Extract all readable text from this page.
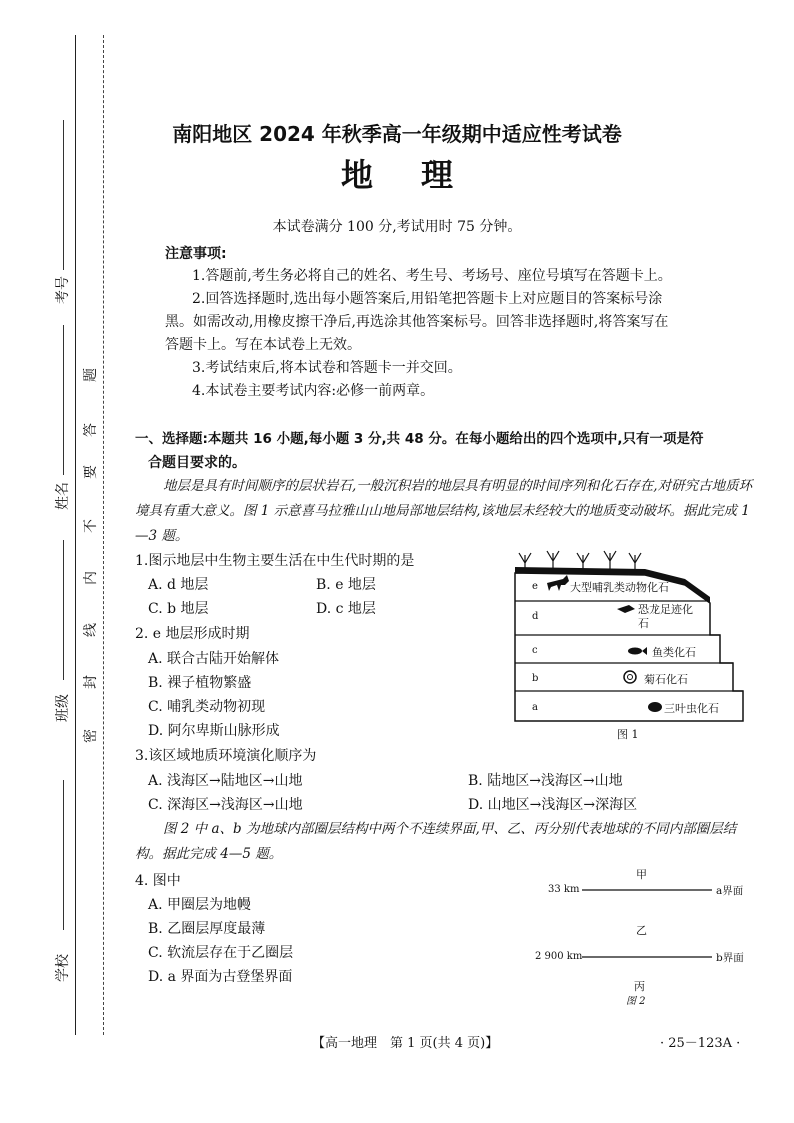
考号
姓名
班级
学校
题
答
要
不
内
线
封
密
南阳地区 2024 年秋季高一年级期中适应性考试卷
地理
本试卷满分 100 分,考试用时 75 分钟。
注意事项:
1.答题前,考生务必将自己的姓名、考生号、考场号、座位号填写在答题卡上。
2.回答选择题时,选出每小题答案后,用铅笔把答题卡上对应题目的答案标号涂
黑。如需改动,用橡皮擦干净后,再选涂其他答案标号。回答非选择题时,将答案写在
答题卡上。写在本试卷上无效。
3.考试结束后,将本试卷和答题卡一并交回。
4.本试卷主要考试内容:必修一前两章。
一、选择题:本题共 16 小题,每小题 3 分,共 48 分。在每小题给出的四个选项中,只有一项是符
合题目要求的。
地层是具有时间顺序的层状岩石,一般沉积岩的地层具有明显的时间序列和化石存在,对研究古地质环境具有重大意义。图 1 示意喜马拉雅山山地局部地层结构,该地层未经较大的地质变动破坏。据此完成 1—3 题。
1.图示地层中生物主要生活在中生代时期的是
A. d 地层	B. e 地层
C. b 地层	D. c 地层
2. e 地层形成时期
A. 联合古陆开始解体
B. 裸子植物繁盛
C. 哺乳类动物初现
D. 阿尔卑斯山脉形成
3.该区域地质环境演化顺序为
A. 浅海区→陆地区→山地	B. 陆地区→浅海区→山地
C. 深海区→浅海区→山地	D. 山地区→浅海区→深海区
图 2 中 a、b 为地球内部圈层结构中两个不连续界面,甲、乙、丙分别代表地球的不同内部圈层结构。据此完成 4—5 题。
4. 图中
A. 甲圈层为地幔
B. 乙圈层厚度最薄
C. 软流层存在于乙圈层
D. a 界面为古登堡界面
e	大型哺乳类动物化石
d
恐龙足迹化石
c	鱼类化石
b	菊石化石
a	三叶虫化石
图 1
甲
33 km	a界面
乙
2 900 km	b界面
丙
图 2
【高一地理　第 1 页(共 4 页)】	· 25－123A ·
